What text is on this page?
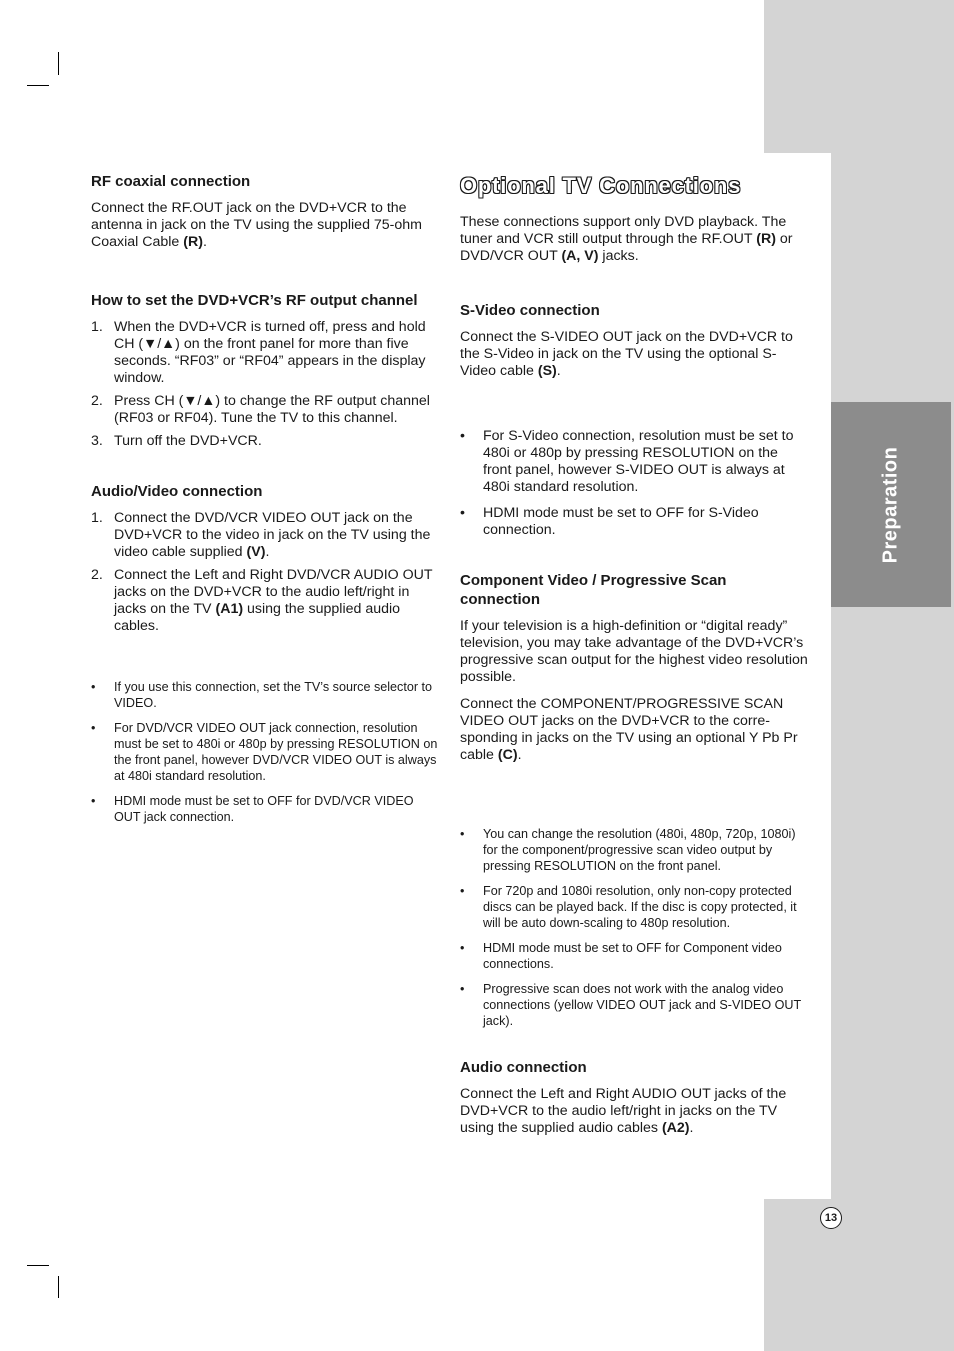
Preparation
RF coaxial connection

Connect the RF.OUT jack on the DVD+VCR to the antenna in jack on the TV using the supplied 75-ohm Coaxial Cable (R).

How to set the DVD+VCR’s RF output channel
1. When the DVD+VCR is turned off, press and hold CH (▼/▲) on the front panel for more than five seconds. “RF03” or “RF04” appears in the display window.
2. Press CH (▼/▲) to change the RF output channel (RF03 or RF04). Tune the TV to this channel.
3. Turn off the DVD+VCR.
Audio/Video connection
1. Connect the DVD/VCR VIDEO OUT jack on the DVD+VCR to the video in jack on the TV using the video cable supplied (V).
2. Connect the Left and Right DVD/VCR AUDIO OUT jacks on the DVD+VCR to the audio left/right in jacks on the TV (A1) using the supplied audio cables.
• If you use this connection, set the TV’s source selector to VIDEO.
• For DVD/VCR VIDEO OUT jack connection, resolution must be set to 480i or 480p by pressing RESOLUTION on the front panel, however DVD/VCR VIDEO OUT is always at 480i standard resolution.
• HDMI mode must be set to OFF for DVD/VCR VIDEO OUT jack connection.
Optional TV Connections

These connections support only DVD playback. The tuner and VCR still output through the RF.OUT (R) or DVD/VCR OUT (A, V) jacks.

S-Video connection

Connect the S-VIDEO OUT jack on the DVD+VCR to the S-Video in jack on the TV using the optional S-Video cable (S).

• For S-Video connection, resolution must be set to 480i or 480p by pressing RESOLUTION on the front panel, however S-VIDEO OUT is always at 480i standard resolution.
• HDMI mode must be set to OFF for S-Video connection.
Component Video / Progressive Scan connection

If your television is a high-definition or “digital ready” television, you may take advantage of the DVD+VCR’s progressive scan output for the highest video resolution possible.

Connect the COMPONENT/PROGRESSIVE SCAN VIDEO OUT jacks on the DVD+VCR to the corre- sponding in jacks on the TV using an optional Y Pb Pr cable (C).

• You can change the resolution (480i, 480p, 720p, 1080i) for the component/progressive scan video output by pressing RESOLUTION on the front panel.
• For 720p and 1080i resolution, only non-copy protected discs can be played back. If the disc is copy protected, it will be auto down-scaling to 480p resolution.
• HDMI mode must be set to OFF for Component video connections.
• Progressive scan does not work with the analog video connections (yellow VIDEO OUT jack and S-VIDEO OUT jack).
Audio connection

Connect the Left and Right AUDIO OUT jacks of the DVD+VCR to the audio left/right in jacks on the TV using the supplied audio cables (A2).

13
